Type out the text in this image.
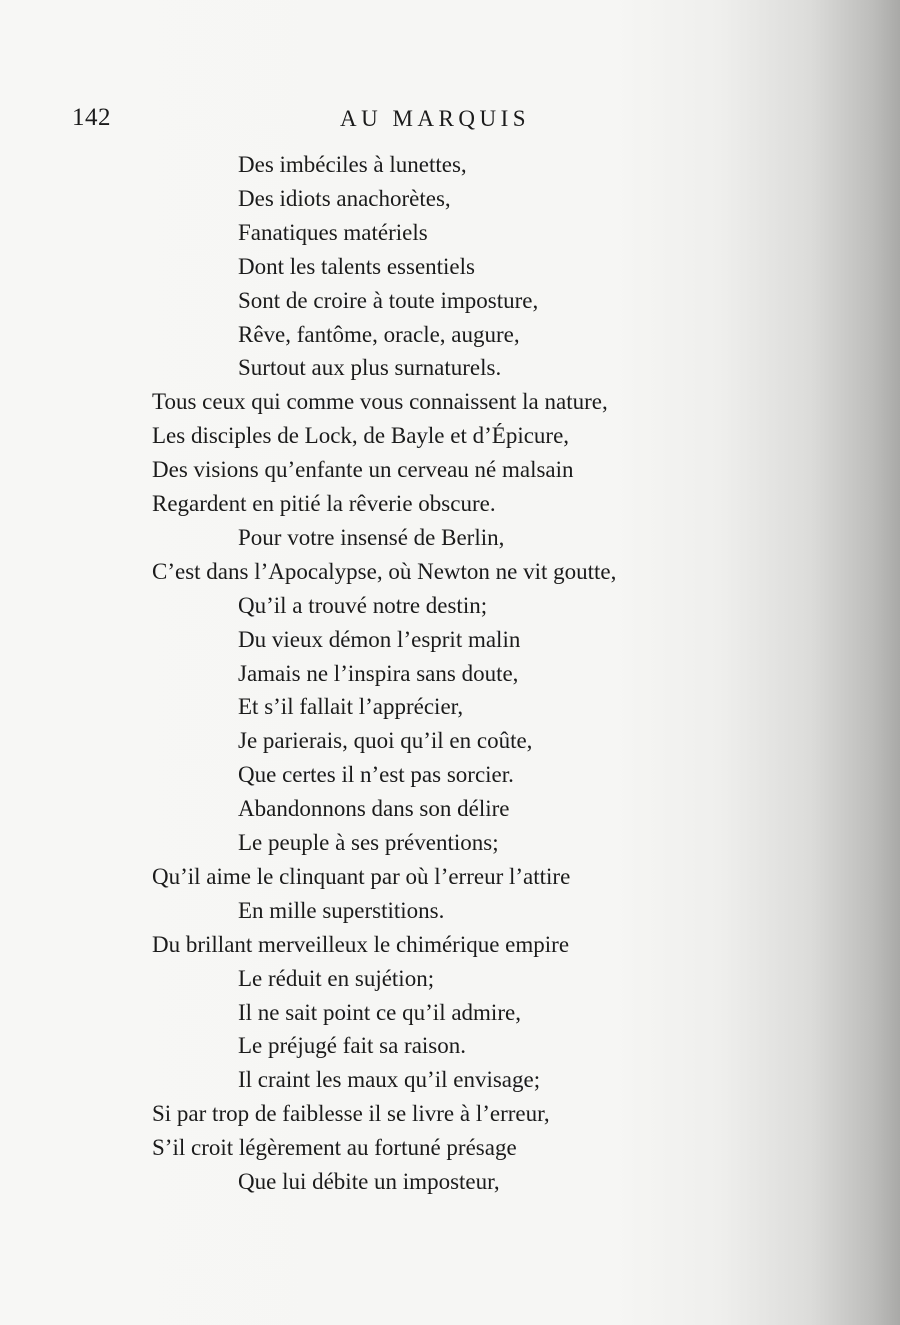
142	AU MARQUIS
Des imbéciles à lunettes,
Des idiots anachorètes,
Fanatiques matériels
Dont les talents essentiels
Sont de croire à toute imposture,
Rêve, fantôme, oracle, augure,
Surtout aux plus surnaturels.
Tous ceux qui comme vous connaissent la nature,
Les disciples de Lock, de Bayle et d’Épicure,
Des visions qu’enfante un cerveau né malsain
Regardent en pitié la rêverie obscure.
Pour votre insensé de Berlin,
C’est dans l’Apocalypse, où Newton ne vit goutte,
Qu’il a trouvé notre destin;
Du vieux démon l’esprit malin
Jamais ne l’inspira sans doute,
Et s’il fallait l’apprécier,
Je parierais, quoi qu’il en coûte,
Que certes il n’est pas sorcier.
Abandonnons dans son délire
Le peuple à ses préventions;
Qu’il aime le clinquant par où l’erreur l’attire
En mille superstitions.
Du brillant merveilleux le chimérique empire
Le réduit en sujétion;
Il ne sait point ce qu’il admire,
Le préjugé fait sa raison.
Il craint les maux qu’il envisage;
Si par trop de faiblesse il se livre à l’erreur,
S’il croit légèrement au fortuné présage
Que lui débite un imposteur,
